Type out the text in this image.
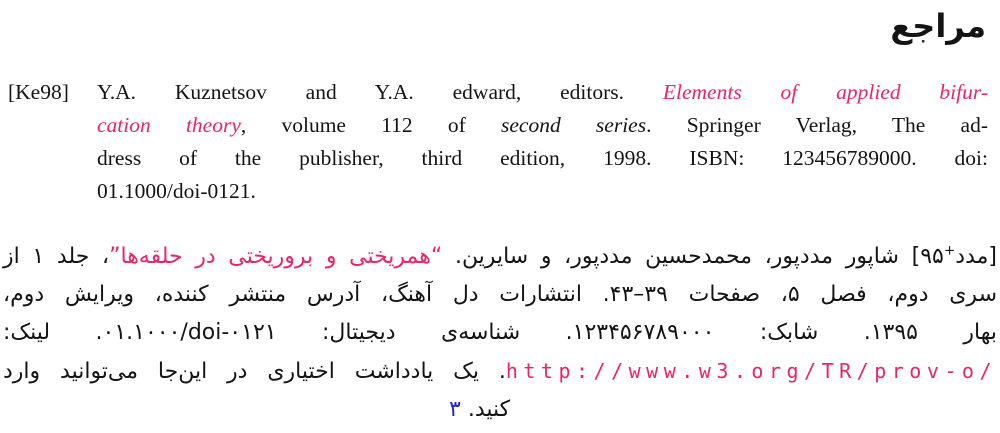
مراجع
[Ke98] Y.A. Kuznetsov and Y.A. edward, editors. Elements of applied bifur-
cation theory, volume 112 of second series. Springer Verlag, The ad-
dress of the publisher, third edition, 1998. ISBN: 123456789000. doi:
01.1000/doi-0121.
[مدد+۹۵] شاپور مددپور، محمدحسین مددپور، و سایرین. “همریختی و بروریختی در حلقه‌ها”، جلد ۱ از
سری دوم، فصل ۵، صفحات ۳۹–۴۳. انتشارات دل آهنگ، آدرس منتشر کننده، ویرایش دوم،
بهار ۱۳۹۵. شابک: ۱۲۳۴۵۶۷۸۹۰۰۰. شناسه‌ی دیجیتال: ۰۱.۱۰۰۰/doi-۰۱۲۱. لینک:
http://www.w3.org/TR/prov-o/. یک یادداشت اختیاری در این‌جا می‌توانید وارد
کنید. ۳
